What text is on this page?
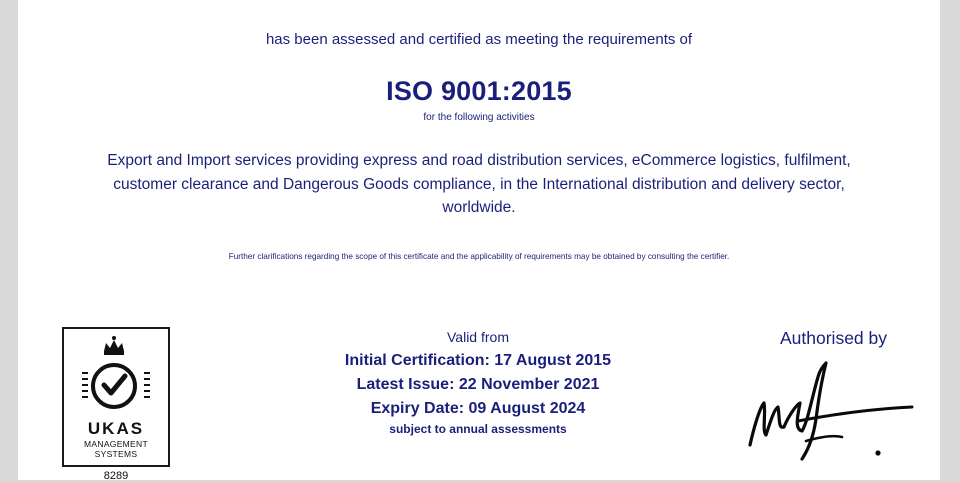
has been assessed and certified as meeting the requirements of
ISO 9001:2015
for the following activities
Export and Import services providing express and road distribution services, eCommerce logistics, fulfilment, customer clearance and Dangerous Goods compliance, in the International distribution and delivery sector, worldwide.
Further clarifications regarding the scope of this certificate and the applicability of requirements may be obtained by consulting the certifier.
UKAS
MANAGEMENT
SYSTEMS
8289
Valid from
Initial Certification: 17 August 2015
Latest Issue: 22 November 2021
Expiry Date: 09 August 2024
subject to annual assessments
Authorised by
